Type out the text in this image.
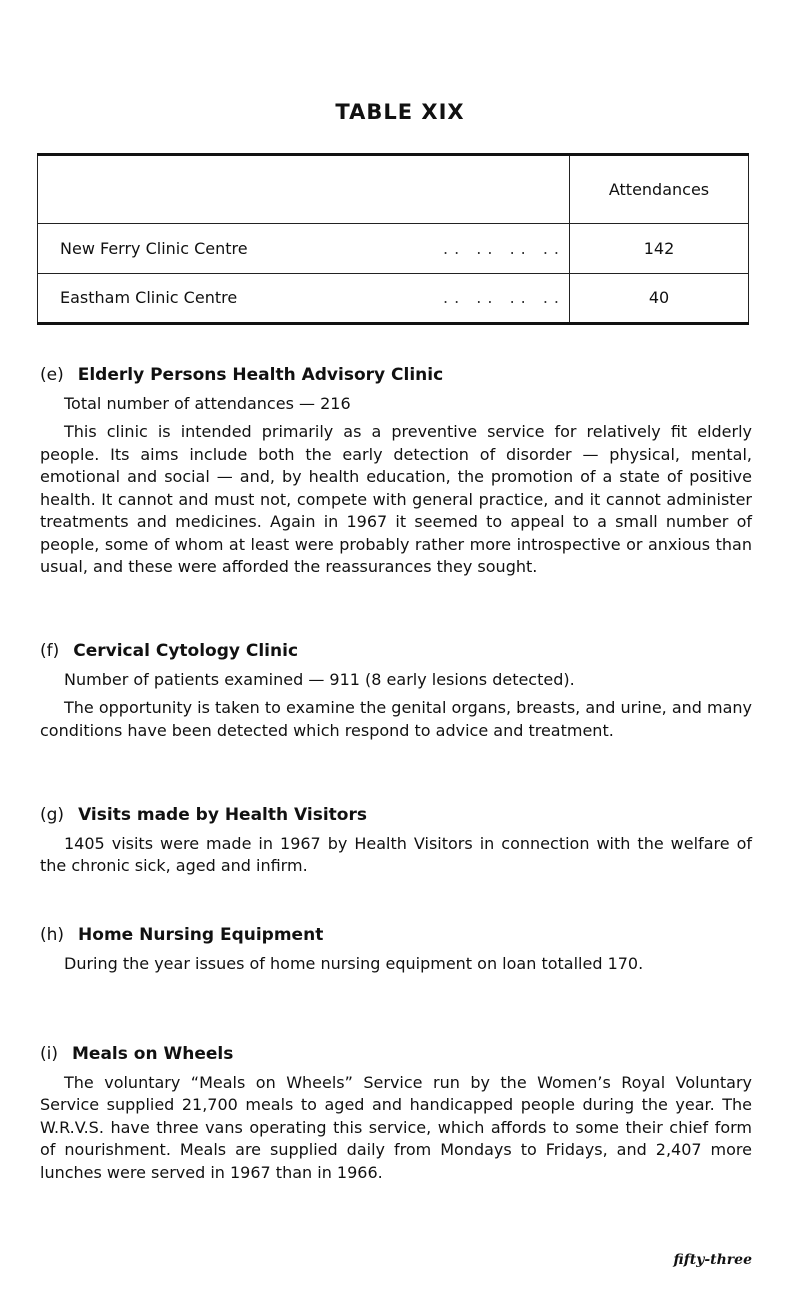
TABLE XIX
	Attendances
New Ferry Clinic Centre .. .. .. ..	142
Eastham Clinic Centre .. .. .. ..	40
(e) Elderly Persons Health Advisory Clinic

Total number of attendances — 216

This clinic is intended primarily as a preventive service for relatively fit elderly people. Its aims include both the early detection of disorder — physical, mental, emotional and social — and, by health education, the promotion of a state of positive health. It cannot and must not, compete with general practice, and it cannot administer treatments and medicines. Again in 1967 it seemed to appeal to a small number of people, some of whom at least were probably rather more introspective or anxious than usual, and these were afforded the reassurances they sought.

(f) Cervical Cytology Clinic

Number of patients examined — 911 (8 early lesions detected).

The opportunity is taken to examine the genital organs, breasts, and urine, and many conditions have been detected which respond to advice and treatment.

(g) Visits made by Health Visitors

1405 visits were made in 1967 by Health Visitors in connection with the welfare of the chronic sick, aged and infirm.

(h) Home Nursing Equipment

During the year issues of home nursing equipment on loan totalled 170.

(i) Meals on Wheels

The voluntary “Meals on Wheels” Service run by the Women’s Royal Voluntary Service supplied 21,700 meals to aged and handicapped people during the year. The W.R.V.S. have three vans operating this service, which affords to some their chief form of nourishment. Meals are supplied daily from Mondays to Fridays, and 2,407 more lunches were served in 1967 than in 1966.

fifty-three
